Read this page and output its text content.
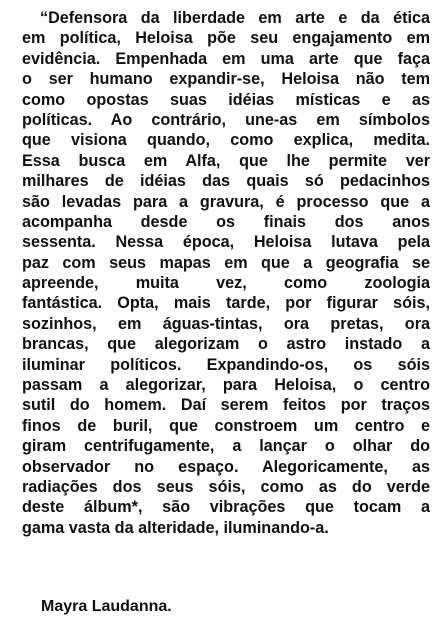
“Defensora da liberdade em arte e da ética
em política, Heloisa põe seu engajamento em
evidência. Empenhada em uma arte que faça
o ser humano expandir-se, Heloisa não tem
como opostas suas idéias místicas e as
políticas. Ao contrário, une-as em símbolos
que visiona quando, como explica, medita.
Essa busca em Alfa, que lhe permite ver
milhares de idéias das quais só pedacinhos
são levadas para a gravura, é processo que a
acompanha desde os finais dos anos
sessenta. Nessa época, Heloisa lutava pela
paz com seus mapas em que a geografia se
apreende, muita vez, como zoologia
fantástica. Opta, mais tarde, por figurar sóis,
sozinhos, em águas-tintas, ora pretas, ora
brancas, que alegorizam o astro instado a
iluminar políticos. Expandindo-os, os sóis
passam a alegorizar, para Heloisa, o centro
sutil do homem. Daí serem feitos por traços
finos de buril, que constroem um centro e
giram centrifugamente, a lançar o olhar do
observador no espaço. Alegoricamente, as
radiações dos seus sóis, como as do verde
deste álbum*, são vibrações que tocam a
gama vasta da alteridade, iluminando-a.
Mayra Laudanna.
